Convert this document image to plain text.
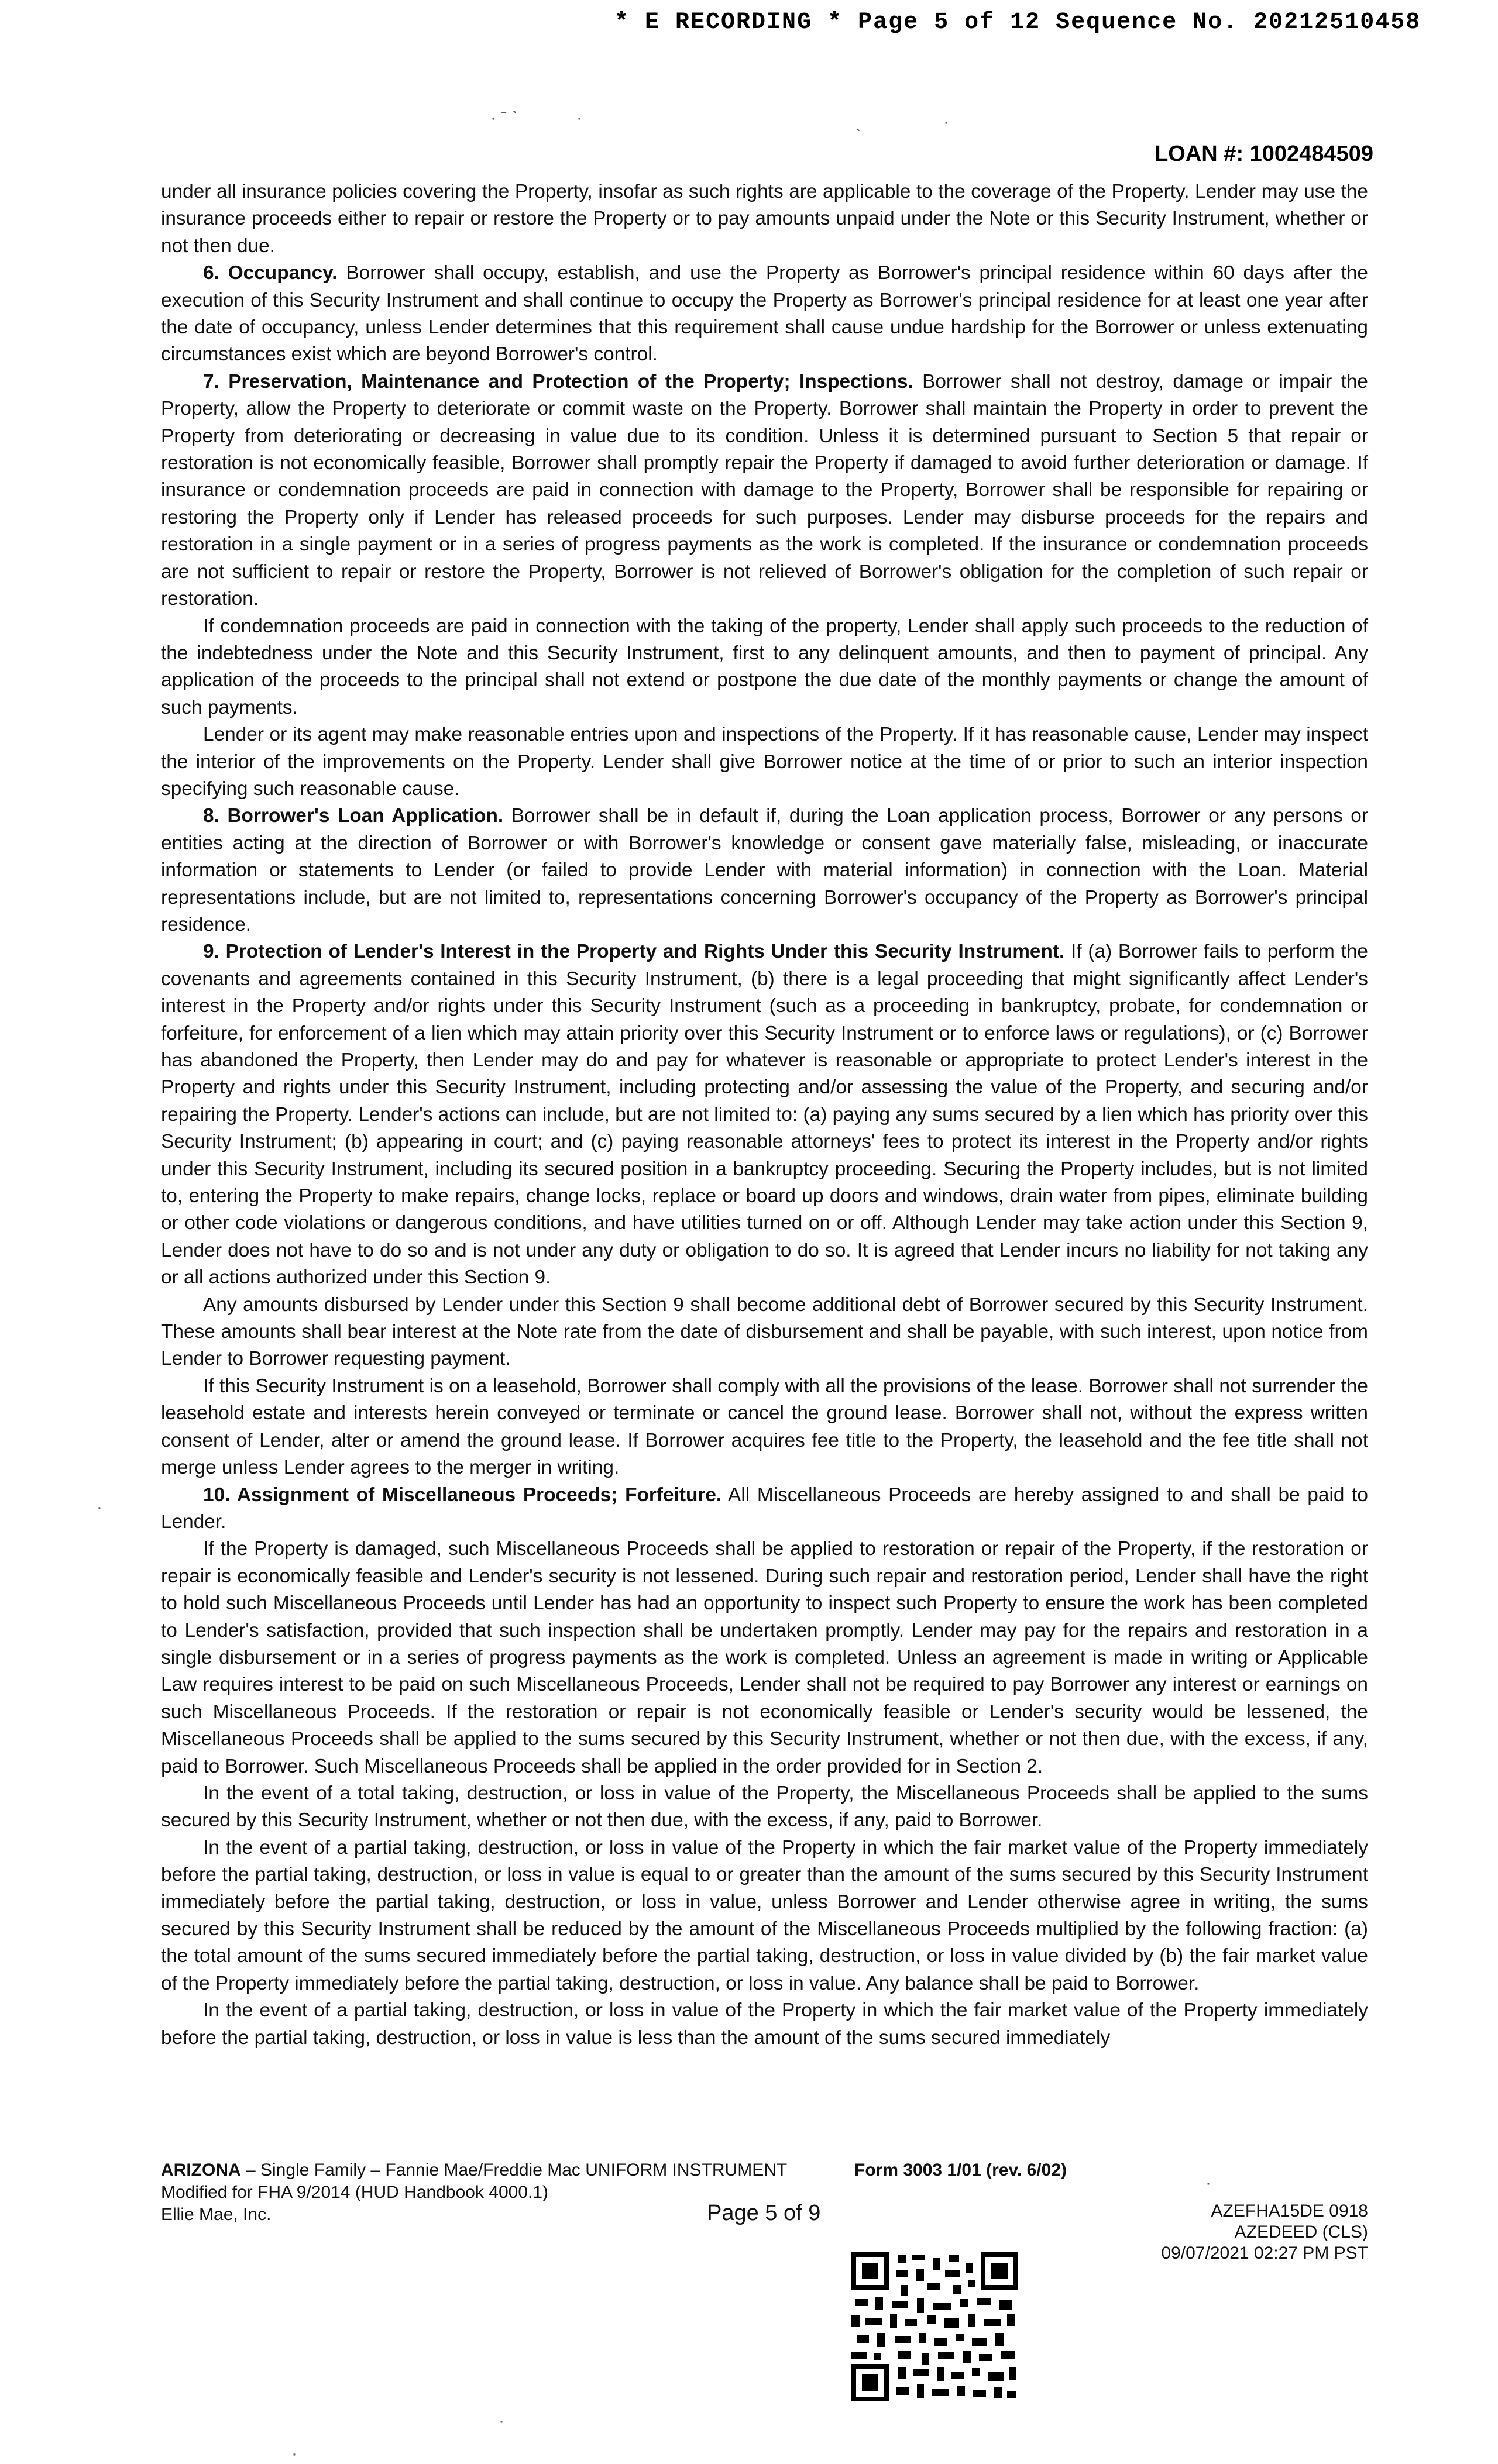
* E RECORDING * Page 5 of 12 Sequence No. 20212510458
· ˉ ˋ	·	ˎ	·
LOAN #: 1002484509

under all insurance policies covering the Property, insofar as such rights are applicable to the coverage of the Property. Lender may use the insurance proceeds either to repair or restore the Property or to pay amounts unpaid under the Note or this Security Instrument, whether or not then due.

6. Occupancy. Borrower shall occupy, establish, and use the Property as Borrower's principal residence within 60 days after the execution of this Security Instrument and shall continue to occupy the Property as Borrower's principal residence for at least one year after the date of occupancy, unless Lender determines that this requirement shall cause undue hardship for the Borrower or unless extenuating circumstances exist which are beyond Borrower's control.

7. Preservation, Maintenance and Protection of the Property; Inspections. Borrower shall not destroy, damage or impair the Property, allow the Property to deteriorate or commit waste on the Property. Borrower shall maintain the Property in order to prevent the Property from deteriorating or decreasing in value due to its condition. Unless it is determined pursuant to Section 5 that repair or restoration is not economically feasible, Borrower shall promptly repair the Property if damaged to avoid further deterioration or damage. If insurance or condemnation proceeds are paid in connection with damage to the Property, Borrower shall be responsible for repairing or restoring the Property only if Lender has released proceeds for such purposes. Lender may disburse proceeds for the repairs and restoration in a single payment or in a series of progress payments as the work is completed. If the insurance or condemnation proceeds are not sufficient to repair or restore the Property, Borrower is not relieved of Borrower's obligation for the completion of such repair or restoration.

If condemnation proceeds are paid in connection with the taking of the property, Lender shall apply such proceeds to the reduction of the indebtedness under the Note and this Security Instrument, first to any delinquent amounts, and then to payment of principal. Any application of the proceeds to the principal shall not extend or postpone the due date of the monthly payments or change the amount of such payments.

Lender or its agent may make reasonable entries upon and inspections of the Property. If it has reasonable cause, Lender may inspect the interior of the improvements on the Property. Lender shall give Borrower notice at the time of or prior to such an interior inspection specifying such reasonable cause.

8. Borrower's Loan Application. Borrower shall be in default if, during the Loan application process, Borrower or any persons or entities acting at the direction of Borrower or with Borrower's knowledge or consent gave materially false, misleading, or inaccurate information or statements to Lender (or failed to provide Lender with material information) in connection with the Loan. Material representations include, but are not limited to, representations concerning Borrower's occupancy of the Property as Borrower's principal residence.

9. Protection of Lender's Interest in the Property and Rights Under this Security Instrument. If (a) Borrower fails to perform the covenants and agreements contained in this Security Instrument, (b) there is a legal proceeding that might significantly affect Lender's interest in the Property and/or rights under this Security Instrument (such as a proceeding in bankruptcy, probate, for condemnation or forfeiture, for enforcement of a lien which may attain priority over this Security Instrument or to enforce laws or regulations), or (c) Borrower has abandoned the Property, then Lender may do and pay for whatever is reasonable or appropriate to protect Lender's interest in the Property and rights under this Security Instrument, including protecting and/or assessing the value of the Property, and securing and/or repairing the Property. Lender's actions can include, but are not limited to: (a) paying any sums secured by a lien which has priority over this Security Instrument; (b) appearing in court; and (c) paying reasonable attorneys' fees to protect its interest in the Property and/or rights under this Security Instrument, including its secured position in a bankruptcy proceeding. Securing the Property includes, but is not limited to, entering the Property to make repairs, change locks, replace or board up doors and windows, drain water from pipes, eliminate building or other code violations or dangerous conditions, and have utilities turned on or off. Although Lender may take action under this Section 9, Lender does not have to do so and is not under any duty or obligation to do so. It is agreed that Lender incurs no liability for not taking any or all actions authorized under this Section 9.

Any amounts disbursed by Lender under this Section 9 shall become additional debt of Borrower secured by this Security Instrument. These amounts shall bear interest at the Note rate from the date of disbursement and shall be payable, with such interest, upon notice from Lender to Borrower requesting payment.

If this Security Instrument is on a leasehold, Borrower shall comply with all the provisions of the lease. Borrower shall not surrender the leasehold estate and interests herein conveyed or terminate or cancel the ground lease. Borrower shall not, without the express written consent of Lender, alter or amend the ground lease. If Borrower acquires fee title to the Property, the leasehold and the fee title shall not merge unless Lender agrees to the merger in writing.

10. Assignment of Miscellaneous Proceeds; Forfeiture. All Miscellaneous Proceeds are hereby assigned to and shall be paid to Lender.

If the Property is damaged, such Miscellaneous Proceeds shall be applied to restoration or repair of the Property, if the restoration or repair is economically feasible and Lender's security is not lessened. During such repair and restoration period, Lender shall have the right to hold such Miscellaneous Proceeds until Lender has had an opportunity to inspect such Property to ensure the work has been completed to Lender's satisfaction, provided that such inspection shall be undertaken promptly. Lender may pay for the repairs and restoration in a single disbursement or in a series of progress payments as the work is completed. Unless an agreement is made in writing or Applicable Law requires interest to be paid on such Miscellaneous Proceeds, Lender shall not be required to pay Borrower any interest or earnings on such Miscellaneous Proceeds. If the restoration or repair is not economically feasible or Lender's security would be lessened, the Miscellaneous Proceeds shall be applied to the sums secured by this Security Instrument, whether or not then due, with the excess, if any, paid to Borrower. Such Miscellaneous Proceeds shall be applied in the order provided for in Section 2.

In the event of a total taking, destruction, or loss in value of the Property, the Miscellaneous Proceeds shall be applied to the sums secured by this Security Instrument, whether or not then due, with the excess, if any, paid to Borrower.

In the event of a partial taking, destruction, or loss in value of the Property in which the fair market value of the Property immediately before the partial taking, destruction, or loss in value is equal to or greater than the amount of the sums secured by this Security Instrument immediately before the partial taking, destruction, or loss in value, unless Borrower and Lender otherwise agree in writing, the sums secured by this Security Instrument shall be reduced by the amount of the Miscellaneous Proceeds multiplied by the following fraction: (a) the total amount of the sums secured immediately before the partial taking, destruction, or loss in value divided by (b) the fair market value of the Property immediately before the partial taking, destruction, or loss in value. Any balance shall be paid to Borrower.

In the event of a partial taking, destruction, or loss in value of the Property in which the fair market value of the Property immediately before the partial taking, destruction, or loss in value is less than the amount of the sums secured immediately

ARIZONA – Single Family – Fannie Mae/Freddie Mac UNIFORM INSTRUMENT	Form 3003 1/01 (rev. 6/02)
Modified for FHA 9/2014 (HUD Handbook 4000.1)
Ellie Mae, Inc.	Page 5 of 9	AZEFHA15DE 0918
AZEDEED (CLS)
09/07/2021 02:27 PM PST
·
·
·
·
